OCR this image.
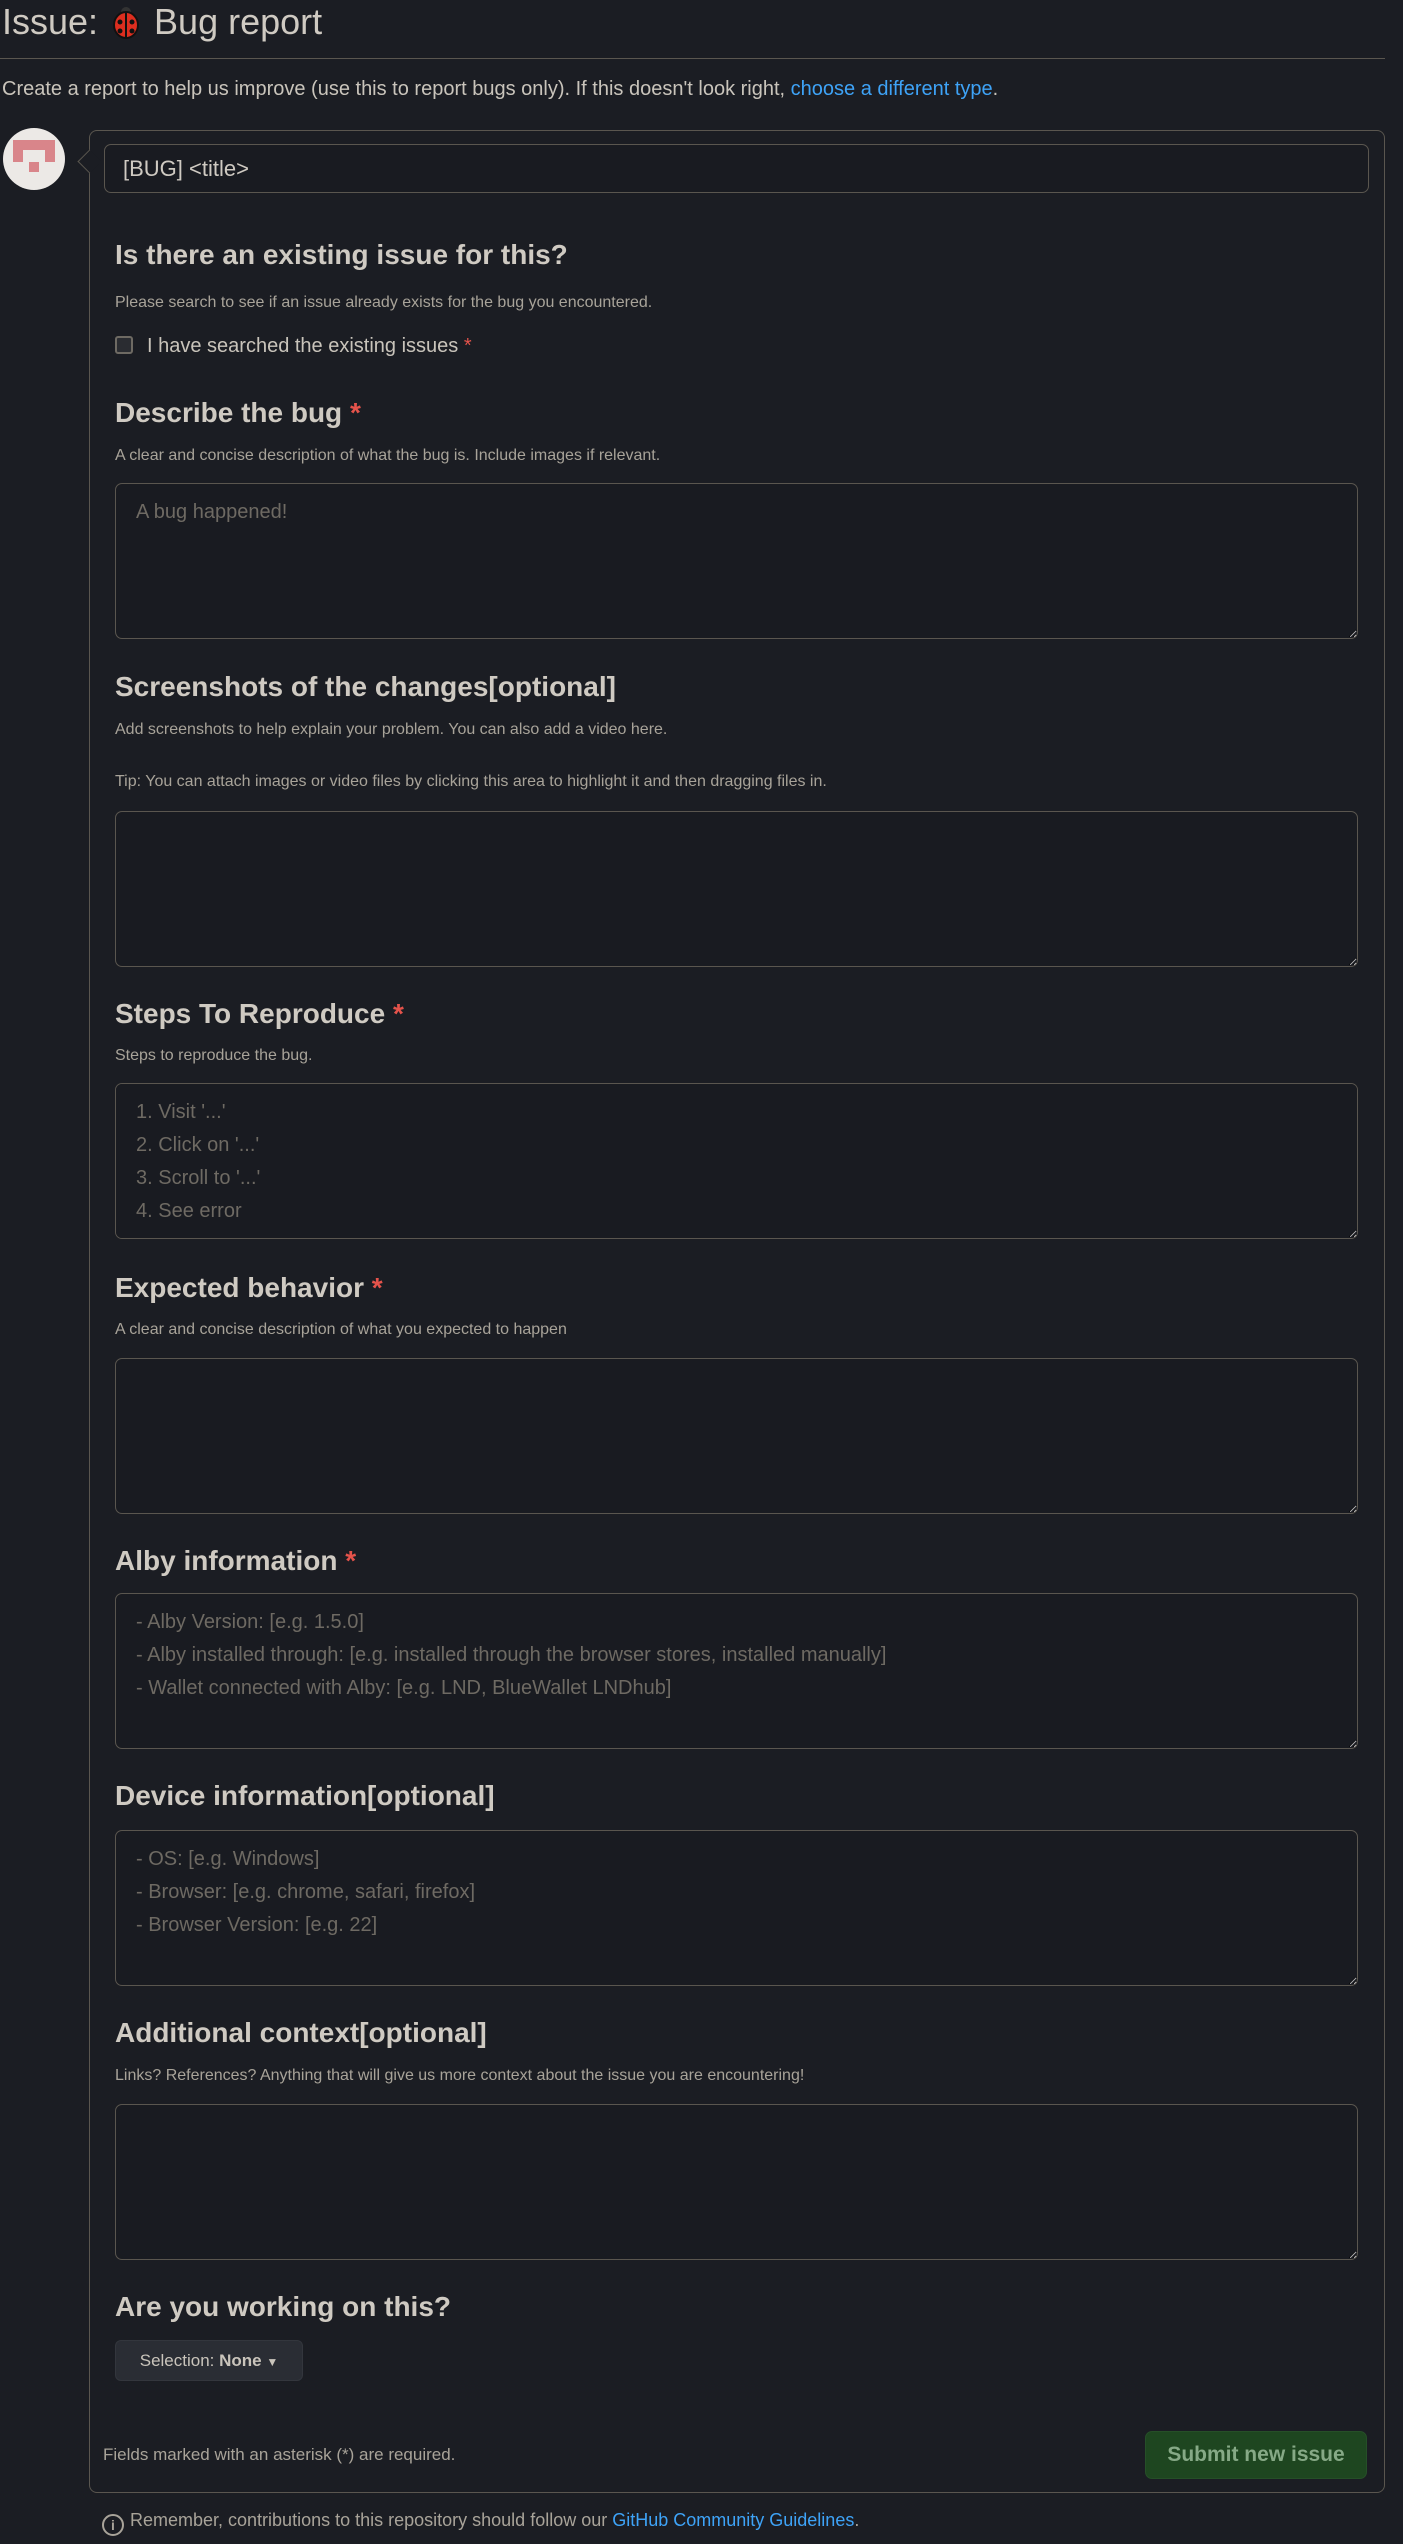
Issue: Bug report
Create a report to help us improve (use this to report bugs only). If this doesn't look right, choose a different type.
[BUG] <title>
Is there an existing issue for this?
Please search to see if an issue already exists for the bug you encountered.
I have searched the existing issues *
Describe the bug *
A clear and concise description of what the bug is. Include images if relevant.
A bug happened!
Screenshots of the changes[optional]
Add screenshots to help explain your problem. You can also add a video here.
Tip: You can attach images or video files by clicking this area to highlight it and then dragging files in.
Steps To Reproduce *
Steps to reproduce the bug.
1. Visit '...' 2. Click on '...' 3. Scroll to '...' 4. See error
Expected behavior *
A clear and concise description of what you expected to happen
Alby information *
- Alby Version: [e.g. 1.5.0] - Alby installed through: [e.g. installed through the browser stores, installed manually] - Wallet connected with Alby: [e.g. LND, BlueWallet LNDhub]
Device information[optional]
- OS: [e.g. Windows] - Browser: [e.g. chrome, safari, firefox] - Browser Version: [e.g. 22]
Additional context[optional]
Links? References? Anything that will give us more context about the issue you are encountering!
Are you working on this?
Selection: None ▼
Fields marked with an asterisk (*) are required.	Submit new issue
i Remember, contributions to this repository should follow our GitHub Community Guidelines.
